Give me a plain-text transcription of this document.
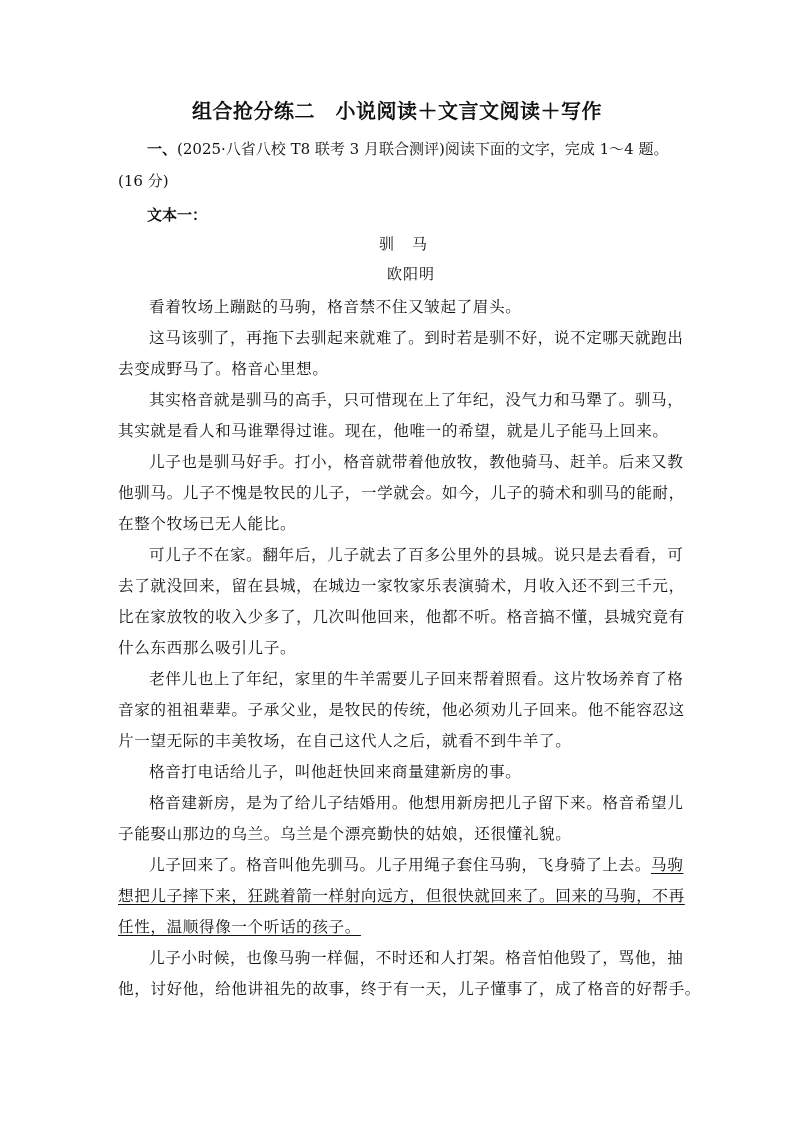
组合抢分练二　小说阅读＋文言文阅读＋写作
一、(2025·八省八校 T8 联考 3 月联合测评)阅读下面的文字，完成 1～4 题。
(16 分)
文本一：
驯马
欧阳明
看着牧场上蹦跶的马驹，格音禁不住又皱起了眉头。
这马该驯了，再拖下去驯起来就难了。到时若是驯不好，说不定哪天就跑出
去变成野马了。格音心里想。
其实格音就是驯马的高手，只可惜现在上了年纪，没气力和马犟了。驯马，
其实就是看人和马谁犟得过谁。现在，他唯一的希望，就是儿子能马上回来。
儿子也是驯马好手。打小，格音就带着他放牧，教他骑马、赶羊。后来又教
他驯马。儿子不愧是牧民的儿子，一学就会。如今，儿子的骑术和驯马的能耐，
在整个牧场已无人能比。
可儿子不在家。翻年后，儿子就去了百多公里外的县城。说只是去看看，可
去了就没回来，留在县城，在城边一家牧家乐表演骑术，月收入还不到三千元，
比在家放牧的收入少多了，几次叫他回来，他都不听。格音搞不懂，县城究竟有
什么东西那么吸引儿子。
老伴儿也上了年纪，家里的牛羊需要儿子回来帮着照看。这片牧场养育了格
音家的祖祖辈辈。子承父业，是牧民的传统，他必须劝儿子回来。他不能容忍这
片一望无际的丰美牧场，在自己这代人之后，就看不到牛羊了。
格音打电话给儿子，叫他赶快回来商量建新房的事。
格音建新房，是为了给儿子结婚用。他想用新房把儿子留下来。格音希望儿
子能娶山那边的乌兰。乌兰是个漂亮勤快的姑娘，还很懂礼貌。
儿子回来了。格音叫他先驯马。儿子用绳子套住马驹，飞身骑了上去。马驹
想把儿子摔下来，狂跳着箭一样射向远方，但很快就回来了。回来的马驹，不再
任性，温顺得像一个听话的孩子。
儿子小时候，也像马驹一样倔，不时还和人打架。格音怕他毁了，骂他，抽
他，讨好他，给他讲祖先的故事，终于有一天，儿子懂事了，成了格音的好帮手。
